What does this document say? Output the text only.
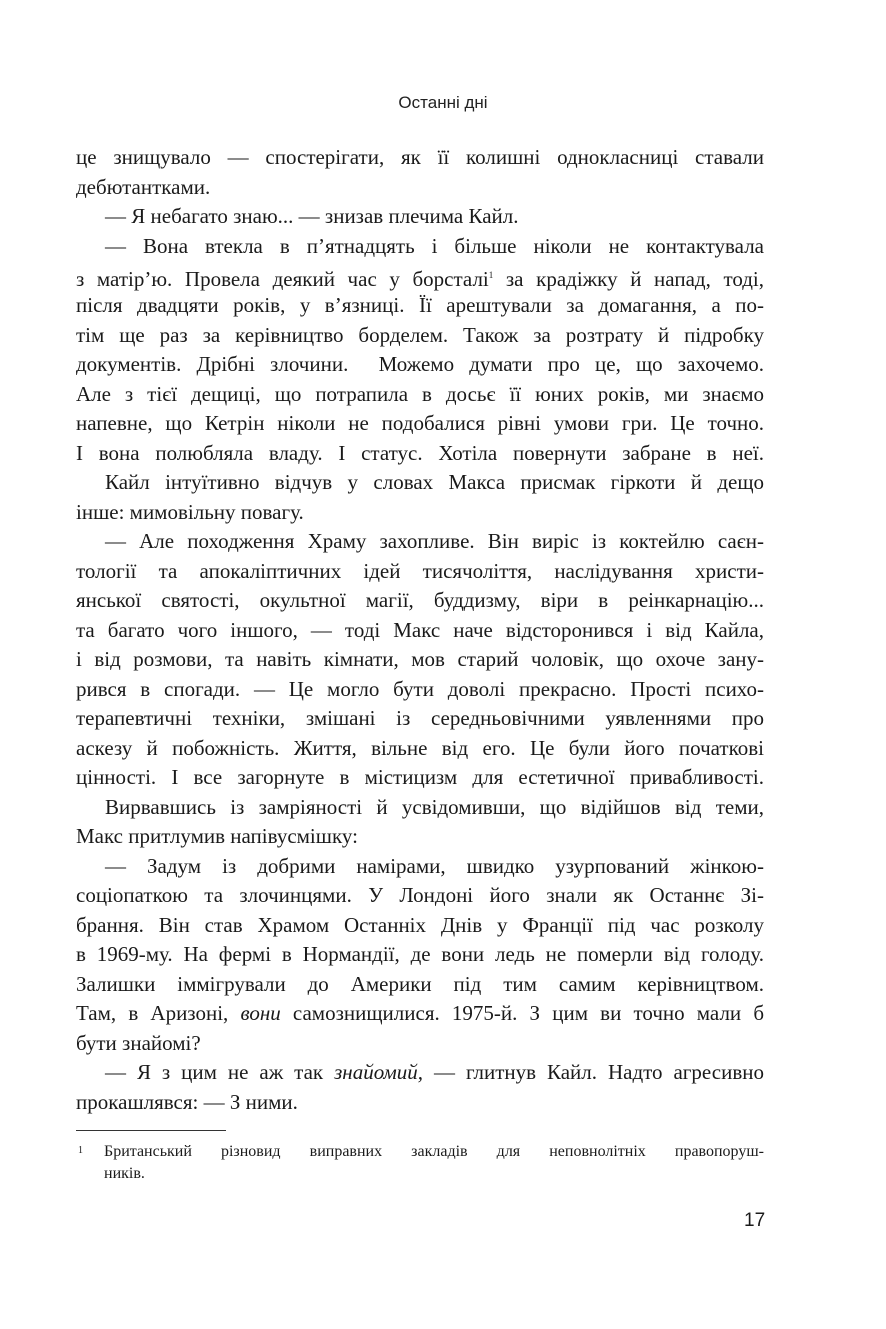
Останні дні
це знищувало — спостерігати, як її колишні однокласниці ставали
дебютантками.
— Я небагато знаю... — знизав плечима Кайл.
— Вона втекла в п’ятнадцять і більше ніколи не контактувала
з матір’ю. Провела деякий час у борсталі$^1$ за крадіжку й напад, тоді,
після двадцяти років, у в’язниці. Її арештували за домагання, а по-
тім ще раз за керівництво борделем. Також за розтрату й підробку
документів. Дрібні злочини.  Можемо думати про це, що захочемо.
Але з тієї дещиці, що потрапила в досьє її юних років, ми знаємо
напевне, що Кетрін ніколи не подобалися рівні умови гри. Це точно.
І вона полюбляла владу. І статус. Хотіла повернути забране в неї.
Кайл інтуїтивно відчув у словах Макса присмак гіркоти й дещо
інше: мимовільну повагу.
— Але походження Храму захопливе. Він виріс із коктейлю саєн-
тології та апокаліптичних ідей тисячоліття, наслідування христи-
янської святості, окультної магії, буддизму, віри в реінкарнацію...
та багато чого іншого, — тоді Макс наче відсторонився і від Кайла,
і від розмови, та навіть кімнати, мов старий чоловік, що охоче зану-
рився в спогади. — Це могло бути доволі прекрасно. Прості психо-
терапевтичні техніки, змішані із середньовічними уявленнями про
аскезу й побожність. Життя, вільне від его. Це були його початкові
цінності. І все загорнуте в містицизм для естетичної привабливості.
Вирвавшись із замріяності й усвідомивши, що відійшов від теми,
Макс притлумив напівусмішку:
— Задум із добрими намірами, швидко узурпований жінкою-
соціопаткою та злочинцями. У Лондоні його знали як Останнє Зі-
брання. Він став Храмом Останніх Днів у Франції під час розколу
в 1969-му. На фермі в Нормандії, де вони ледь не померли від голоду.
Залишки іммігрували до Америки під тим самим керівництвом.
Там, в Аризоні, вони самознищилися. 1975-й. З цим ви точно мали б
бути знайомі?
— Я з цим не аж так знайомий, — глитнув Кайл. Надто агресивно
прокашлявся: — З ними.
1 Британський різновид виправних закладів для неповнолітніх правопоруш-
ників.
17
